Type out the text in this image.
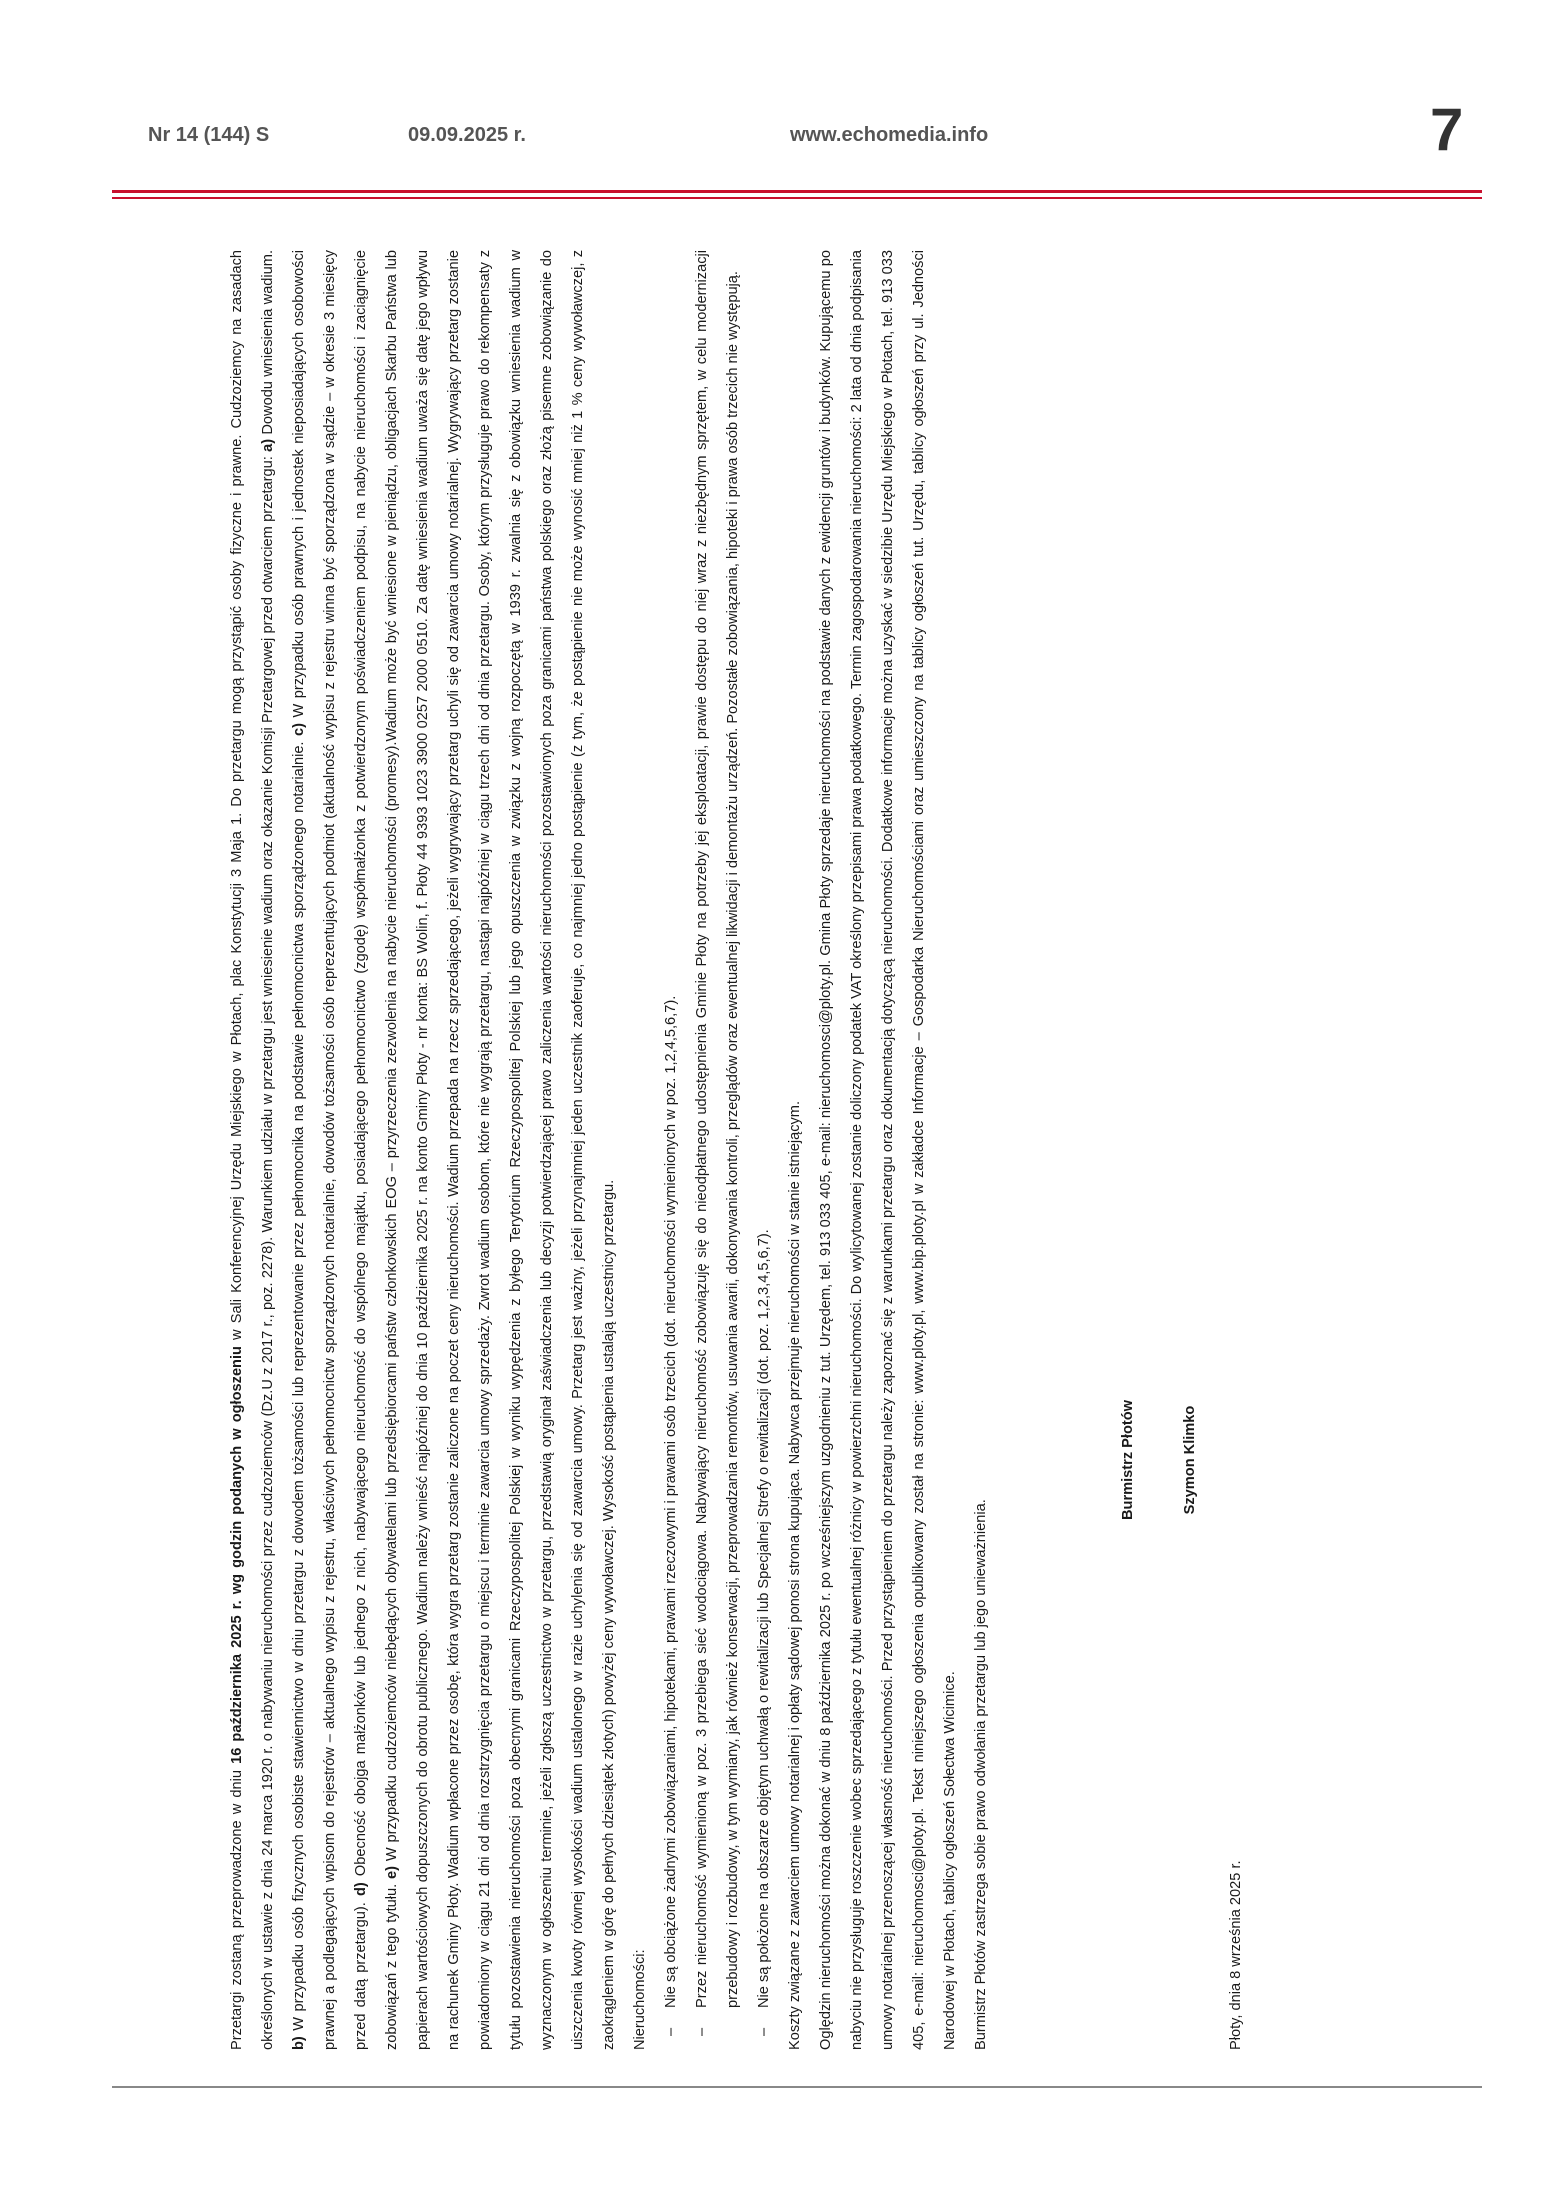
Nr 14 (144) S	09.09.2025 r.	www.echomedia.info	7

Przetargi zostaną przeprowadzone w dniu 16 października 2025 r. wg godzin podanych w ogłoszeniu w Sali Konferencyjnej Urzędu Miejskiego w Płotach, plac Konstytucji 3 Maja 1. Do przetargu mogą przystąpić osoby fizyczne i prawne. Cudzoziemcy na zasadach określonych w ustawie z dnia 24 marca 1920 r. o nabywaniu nieruchomości przez cudzoziemców (Dz.U z 2017 r., poz. 2278). Warunkiem udziału w przetargu jest wniesienie wadium oraz okazanie Komisji Przetargowej przed otwarciem przetargu: a) Dowodu wniesienia wadium. b) W przypadku osób fizycznych osobiste stawiennictwo w dniu przetargu z dowodem tożsamości lub reprezentowanie przez pełnomocnika na podstawie pełnomocnictwa sporządzonego notarialnie. c) W przypadku osób prawnych i jednostek nieposiadających osobowości prawnej a podlegających wpisom do rejestrów – aktualnego wypisu z rejestru, właściwych pełnomocnictw sporządzonych notarialnie, dowodów tożsamości osób reprezentujących podmiot (aktualność wypisu z rejestru winna być sporządzona w sądzie – w okresie 3 miesięcy przed datą przetargu). d) Obecność obojga małżonków lub jednego z nich, nabywającego nieruchomość do wspólnego majątku, posiadającego pełnomocnictwo (zgodę) współmałżonka z potwierdzonym poświadczeniem podpisu, na nabycie nieruchomości i zaciągnięcie zobowiązań z tego tytułu. e) W przypadku cudzoziemców niebędących obywatelami lub przedsiębiorcami państw członkowskich EOG – przyrzeczenia zezwolenia na nabycie nieruchomości (promesy).Wadium może być wniesione w pieniądzu, obligacjach Skarbu Państwa lub papierach wartościowych dopuszczonych do obrotu publicznego. Wadium należy wnieść najpóźniej do dnia 10 października 2025 r. na konto Gminy Płoty - nr konta: BS Wolin, f. Płoty 44 9393 1023 3900 0257 2000 0510. Za datę wniesienia wadium uważa się datę jego wpływu na rachunek Gminy Płoty. Wadium wpłacone przez osobę, która wygra przetarg zostanie zaliczone na poczet ceny nieruchomości. Wadium przepada na rzecz sprzedającego, jeżeli wygrywający przetarg uchyli się od zawarcia umowy notarialnej. Wygrywający przetarg zostanie powiadomiony w ciągu 21 dni od dnia rozstrzygnięcia przetargu o miejscu i terminie zawarcia umowy sprzedaży. Zwrot wadium osobom, które nie wygrają przetargu, nastąpi najpóźniej w ciągu trzech dni od dnia przetargu. Osoby, którym przysługuje prawo do rekompensaty z tytułu pozostawienia nieruchomości poza obecnymi granicami Rzeczypospolitej Polskiej w wyniku wypędzenia z byłego Terytorium Rzeczypospolitej Polskiej lub jego opuszczenia w związku z wojną rozpoczętą w 1939 r. zwalnia się z obowiązku wniesienia wadium w wyznaczonym w ogłoszeniu terminie, jeżeli zgłoszą uczestnictwo w przetargu, przedstawią oryginał zaświadczenia lub decyzji potwierdzającej prawo zaliczenia wartości nieruchomości pozostawionych poza granicami państwa polskiego oraz złożą pisemne zobowiązanie do uiszczenia kwoty równej wysokości wadium ustalonego w razie uchylenia się od zawarcia umowy. Przetarg jest ważny, jeżeli przynajmniej jeden uczestnik zaoferuje, co najmniej jedno postąpienie (z tym, że postąpienie nie może wynosić mniej niż 1 % ceny wywoławczej, z zaokrągleniem w górę do pełnych dziesiątek złotych) powyżej ceny wywoławczej. Wysokość postąpienia ustalają uczestnicy przetargu.	Nieruchomości:	–
Nie są obciążone żadnymi zobowiązaniami, hipotekami, prawami rzeczowymi i prawami osób trzecich (dot. nieruchomości wymienionych w poz. 1,2,4,5,6,7).

–
Przez nieruchomość wymienioną w poz. 3 przebiega sieć wodociągowa. Nabywający nieruchomość zobowiązuję się do nieodpłatnego udostępnienia Gminie Płoty na potrzeby jej eksploatacji, prawie dostępu do niej wraz z niezbędnym sprzętem, w celu modernizacji przebudowy i rozbudowy, w tym wymiany, jak również konserwacji, przeprowadzania remontów, usuwania awarii, dokonywania kontroli, przeglądów oraz ewentualnej likwidacji i demontażu urządzeń. Pozostałe zobowiązania, hipoteki i prawa osób trzecich nie występują.

–
Nie są położone na obszarze objętym uchwałą o rewitalizacji lub Specjalnej Strefy o rewitalizacji (dot. poz. 1,2,3,4,5,6,7).	Koszty związane z zawarciem umowy notarialnej i opłaty sądowej ponosi strona kupująca. Nabywca przejmuje nieruchomości w stanie istniejącym.	Oględzin nieruchomości można dokonać w dniu 8 października 2025 r. po wcześniejszym uzgodnieniu z tut. Urzędem, tel. 913 033 405, e-mail: nieruchomosci@ploty.pl. Gmina Płoty sprzedaje nieruchomości na podstawie danych z ewidencji gruntów i budynków. Kupującemu po nabyciu nie przysługuje roszczenie wobec sprzedającego z tytułu ewentualnej różnicy w powierzchni nieruchomości. Do wylicytowanej zostanie doliczony podatek VAT określony przepisami prawa podatkowego. Termin zagospodarowania nieruchomości: 2 lata od dnia podpisania umowy notarialnej przenoszącej własność nieruchomości. Przed przystąpieniem do przetargu należy zapoznać się z warunkami przetargu oraz dokumentacją dotyczącą nieruchomości. Dodatkowe informacje można uzyskać w siedzibie Urzędu Miejskiego w Płotach, tel. 913 033 405, e-mail: nieruchomosci@ploty.pl. Tekst niniejszego ogłoszenia opublikowany został na stronie: www.ploty.pl, www.bip.ploty.pl w zakładce Informacje – Gospodarka Nieruchomościami oraz umieszczony na tablicy ogłoszeń tut. Urzędu, tablicy ogłoszeń przy ul. Jedności Narodowej w Płotach, tablicy ogłoszeń Sołectwa Wicimice.	Burmistrz Płotów zastrzega sobie prawo odwołania przetargu lub jego unieważnienia.

Burmistrz Płotów	Szymon Klimko

Płoty, dnia 8 września 2025 r.
